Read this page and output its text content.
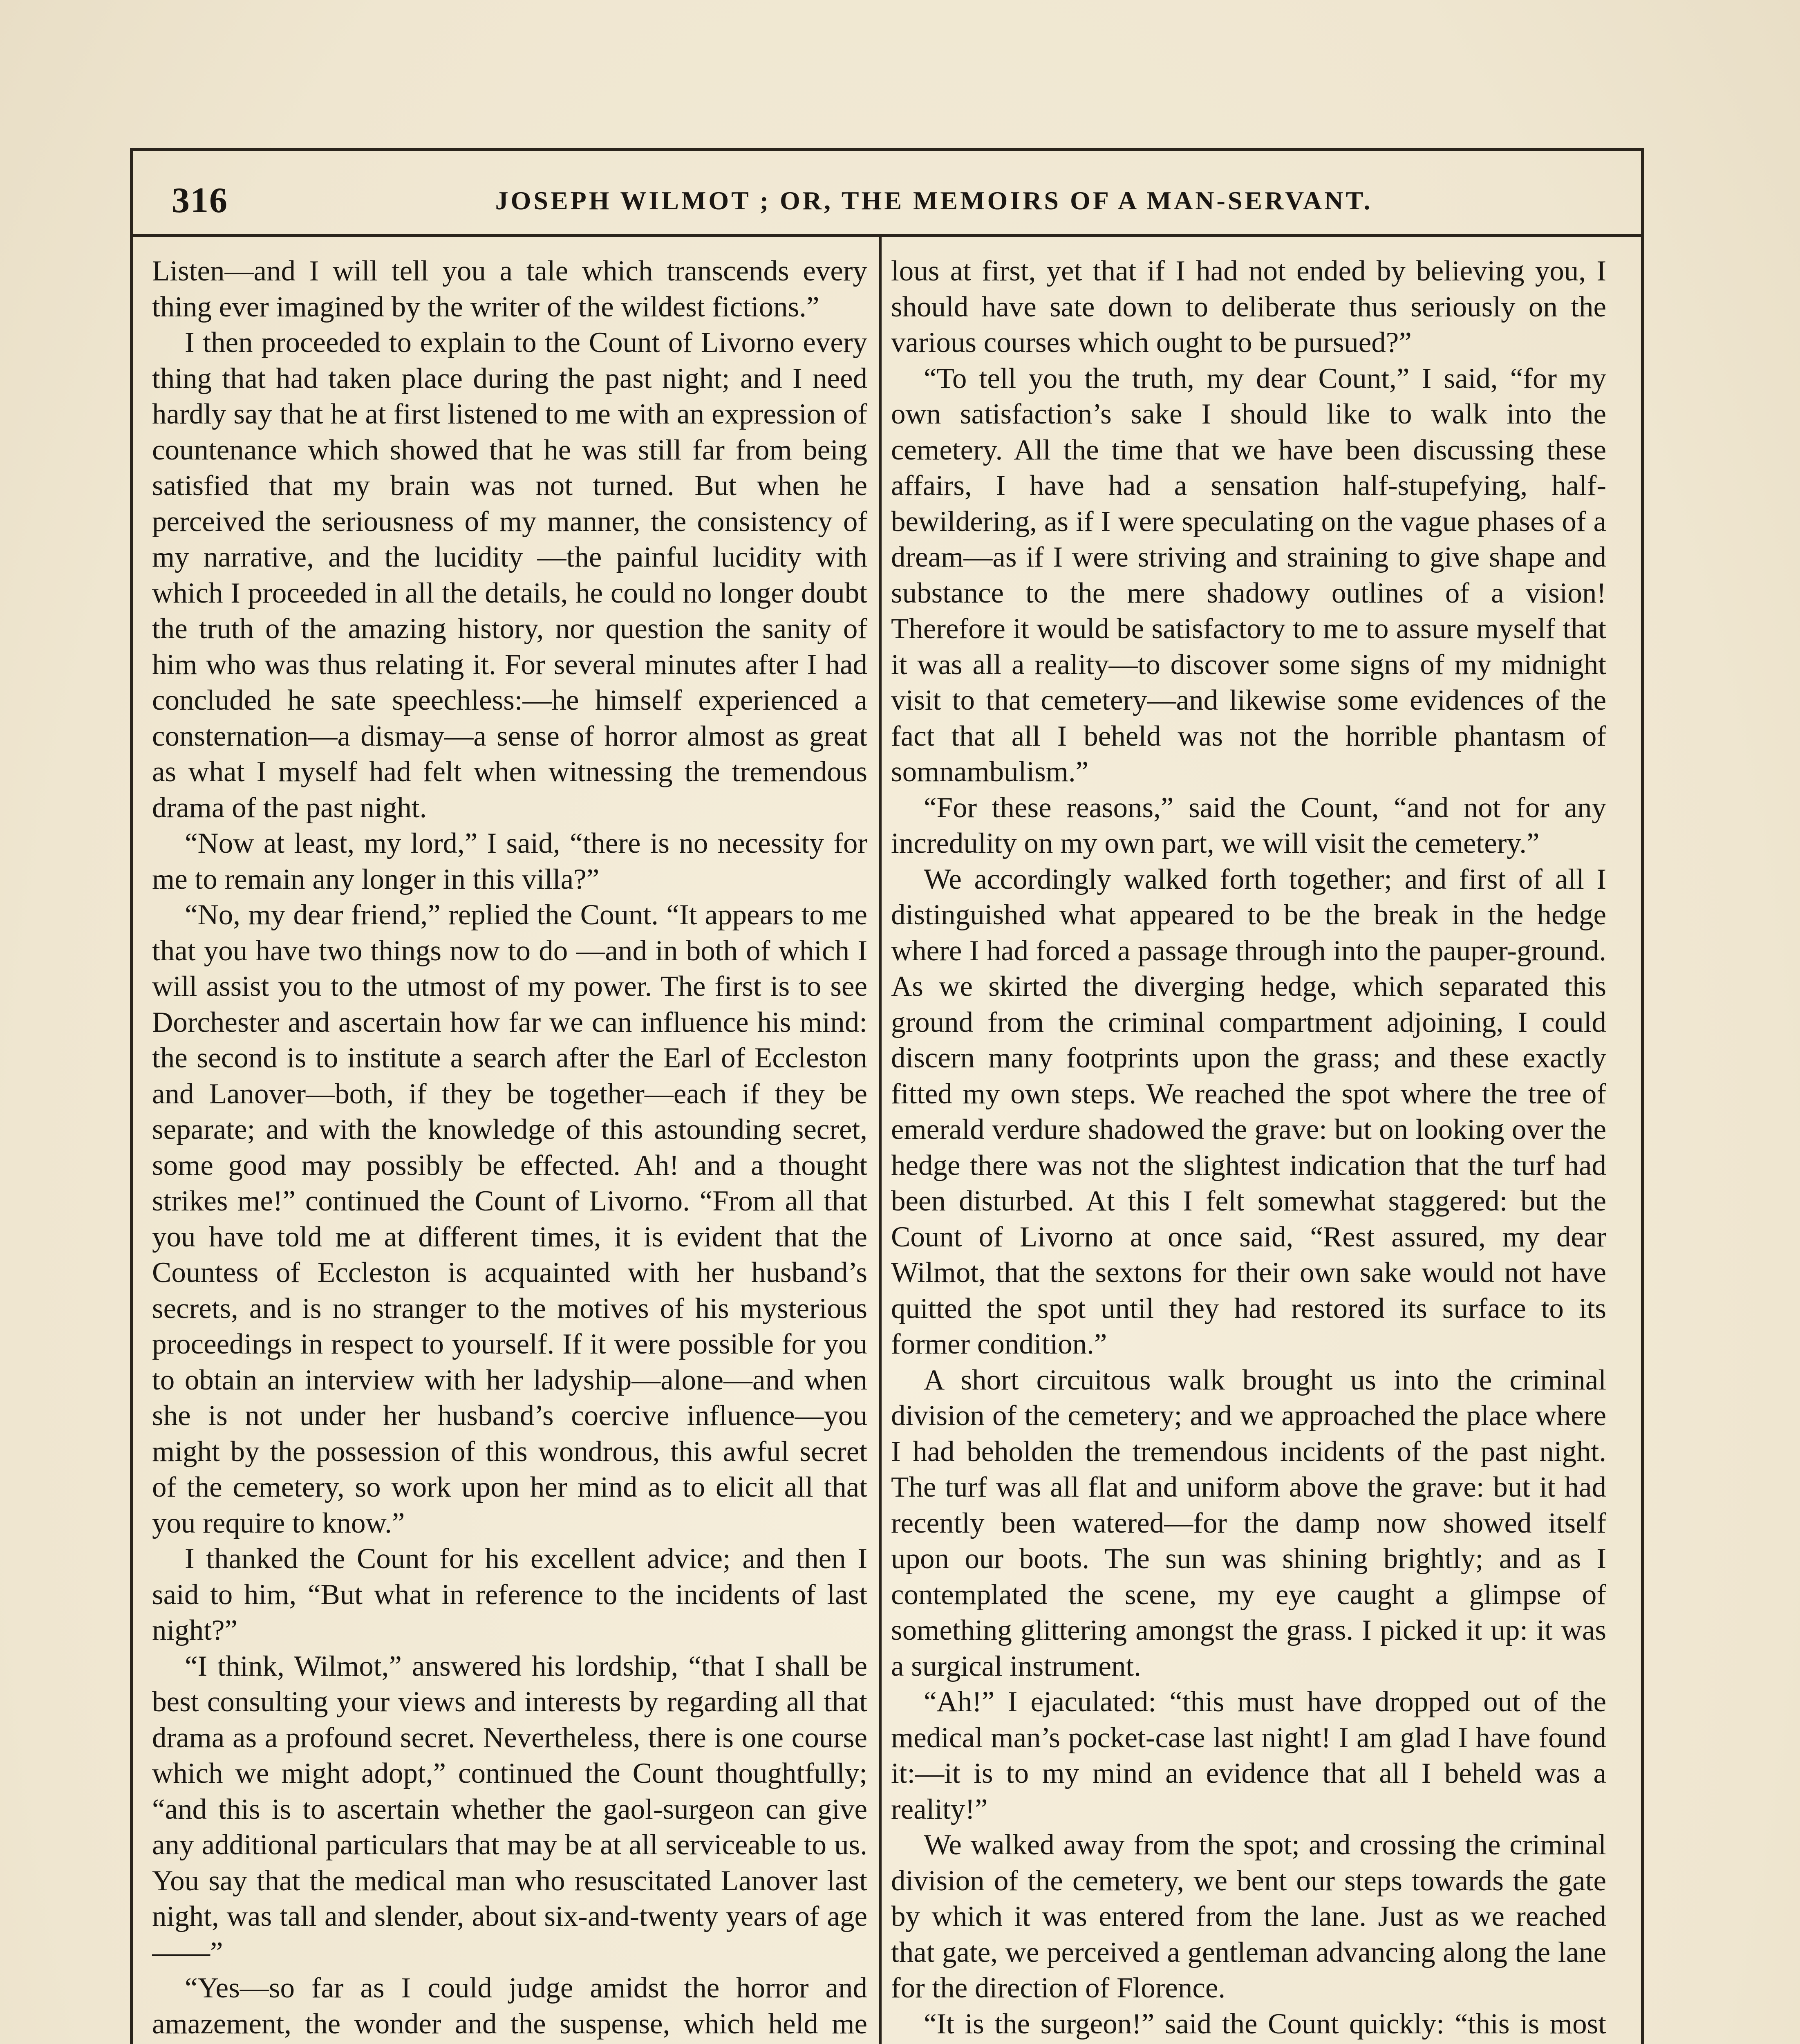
316	JOSEPH WILMOT ; OR, THE MEMOIRS OF A MAN-SERVANT.

Listen—and I will tell you a tale which transcends every thing ever imagined by the writer of the wildest fictions.”

I then proceeded to explain to the Count of Livorno every thing that had taken place during the past night; and I need hardly say that he at first listened to me with an expression of countenance which showed that he was still far from being satisfied that my brain was not turned. But when he perceived the seriousness of my manner, the consistency of my narrative, and the lucidity —the painful lucidity with which I proceeded in all the details, he could no longer doubt the truth of the amazing history, nor question the sanity of him who was thus relating it. For several minutes after I had concluded he sate speechless:—he himself experienced a consternation—a dismay—a sense of horror almost as great as what I myself had felt when witnessing the tremendous drama of the past night.

“Now at least, my lord,” I said, “there is no necessity for me to remain any longer in this villa?”

“No, my dear friend,” replied the Count. “It appears to me that you have two things now to do —and in both of which I will assist you to the utmost of my power. The first is to see Dorchester and ascertain how far we can influence his mind: the second is to institute a search after the Earl of Eccleston and Lanover—both, if they be together—each if they be separate; and with the knowledge of this astounding secret, some good may possibly be effected. Ah! and a thought strikes me!” continued the Count of Livorno. “From all that you have told me at different times, it is evident that the Countess of Eccleston is acquainted with her husband’s secrets, and is no stranger to the motives of his mysterious proceedings in respect to yourself. If it were possible for you to obtain an interview with her ladyship—alone—and when she is not under her husband’s coercive influence—you might by the possession of this wondrous, this awful secret of the cemetery, so work upon her mind as to elicit all that you require to know.”

I thanked the Count for his excellent advice; and then I said to him, “But what in reference to the incidents of last night?”

“I think, Wilmot,” answered his lordship, “that I shall be best consulting your views and interests by regarding all that drama as a profound secret. Nevertheless, there is one course which we might adopt,” continued the Count thoughtfully; “and this is to ascertain whether the gaol-surgeon can give any additional particulars that may be at all serviceable to us. You say that the medical man who resuscitated Lanover last night, was tall and slender, about six-and-twenty years of age——”

“Yes—so far as I could judge amidst the horror and amazement, the wonder and the suspense, which held me

lous at first, yet that if I had not ended by believing you, I should have sate down to deliberate thus seriously on the various courses which ought to be pursued?”

“To tell you the truth, my dear Count,” I said, “for my own satisfaction’s sake I should like to walk into the cemetery. All the time that we have been discussing these affairs, I have had a sensation half-stupefying, half-bewildering, as if I were speculating on the vague phases of a dream—as if I were striving and straining to give shape and substance to the mere shadowy outlines of a vision! Therefore it would be satisfactory to me to assure myself that it was all a reality—to discover some signs of my midnight visit to that cemetery—and likewise some evidences of the fact that all I beheld was not the horrible phantasm of somnambulism.”

“For these reasons,” said the Count, “and not for any incredulity on my own part, we will visit the cemetery.”

We accordingly walked forth together; and first of all I distinguished what appeared to be the break in the hedge where I had forced a passage through into the pauper-ground. As we skirted the diverging hedge, which separated this ground from the criminal compartment adjoining, I could discern many footprints upon the grass; and these exactly fitted my own steps. We reached the spot where the tree of emerald verdure shadowed the grave: but on looking over the hedge there was not the slightest indication that the turf had been disturbed. At this I felt somewhat staggered: but the Count of Livorno at once said, “Rest assured, my dear Wilmot, that the sextons for their own sake would not have quitted the spot until they had restored its surface to its former condition.”

A short circuitous walk brought us into the criminal division of the cemetery; and we approached the place where I had beholden the tremendous incidents of the past night. The turf was all flat and uniform above the grave: but it had recently been watered—for the damp now showed itself upon our boots. The sun was shining brightly; and as I contemplated the scene, my eye caught a glimpse of something glittering amongst the grass. I picked it up: it was a surgical instrument.

“Ah!” I ejaculated: “this must have dropped out of the medical man’s pocket-case last night! I am glad I have found it:—it is to my mind an evidence that all I beheld was a reality!”

We walked away from the spot; and crossing the criminal division of the cemetery, we bent our steps towards the gate by which it was entered from the lane. Just as we reached that gate, we perceived a gentleman advancing along the lane for the direction of Florence.

“It is the surgeon!” said the Count quickly: “this is most
